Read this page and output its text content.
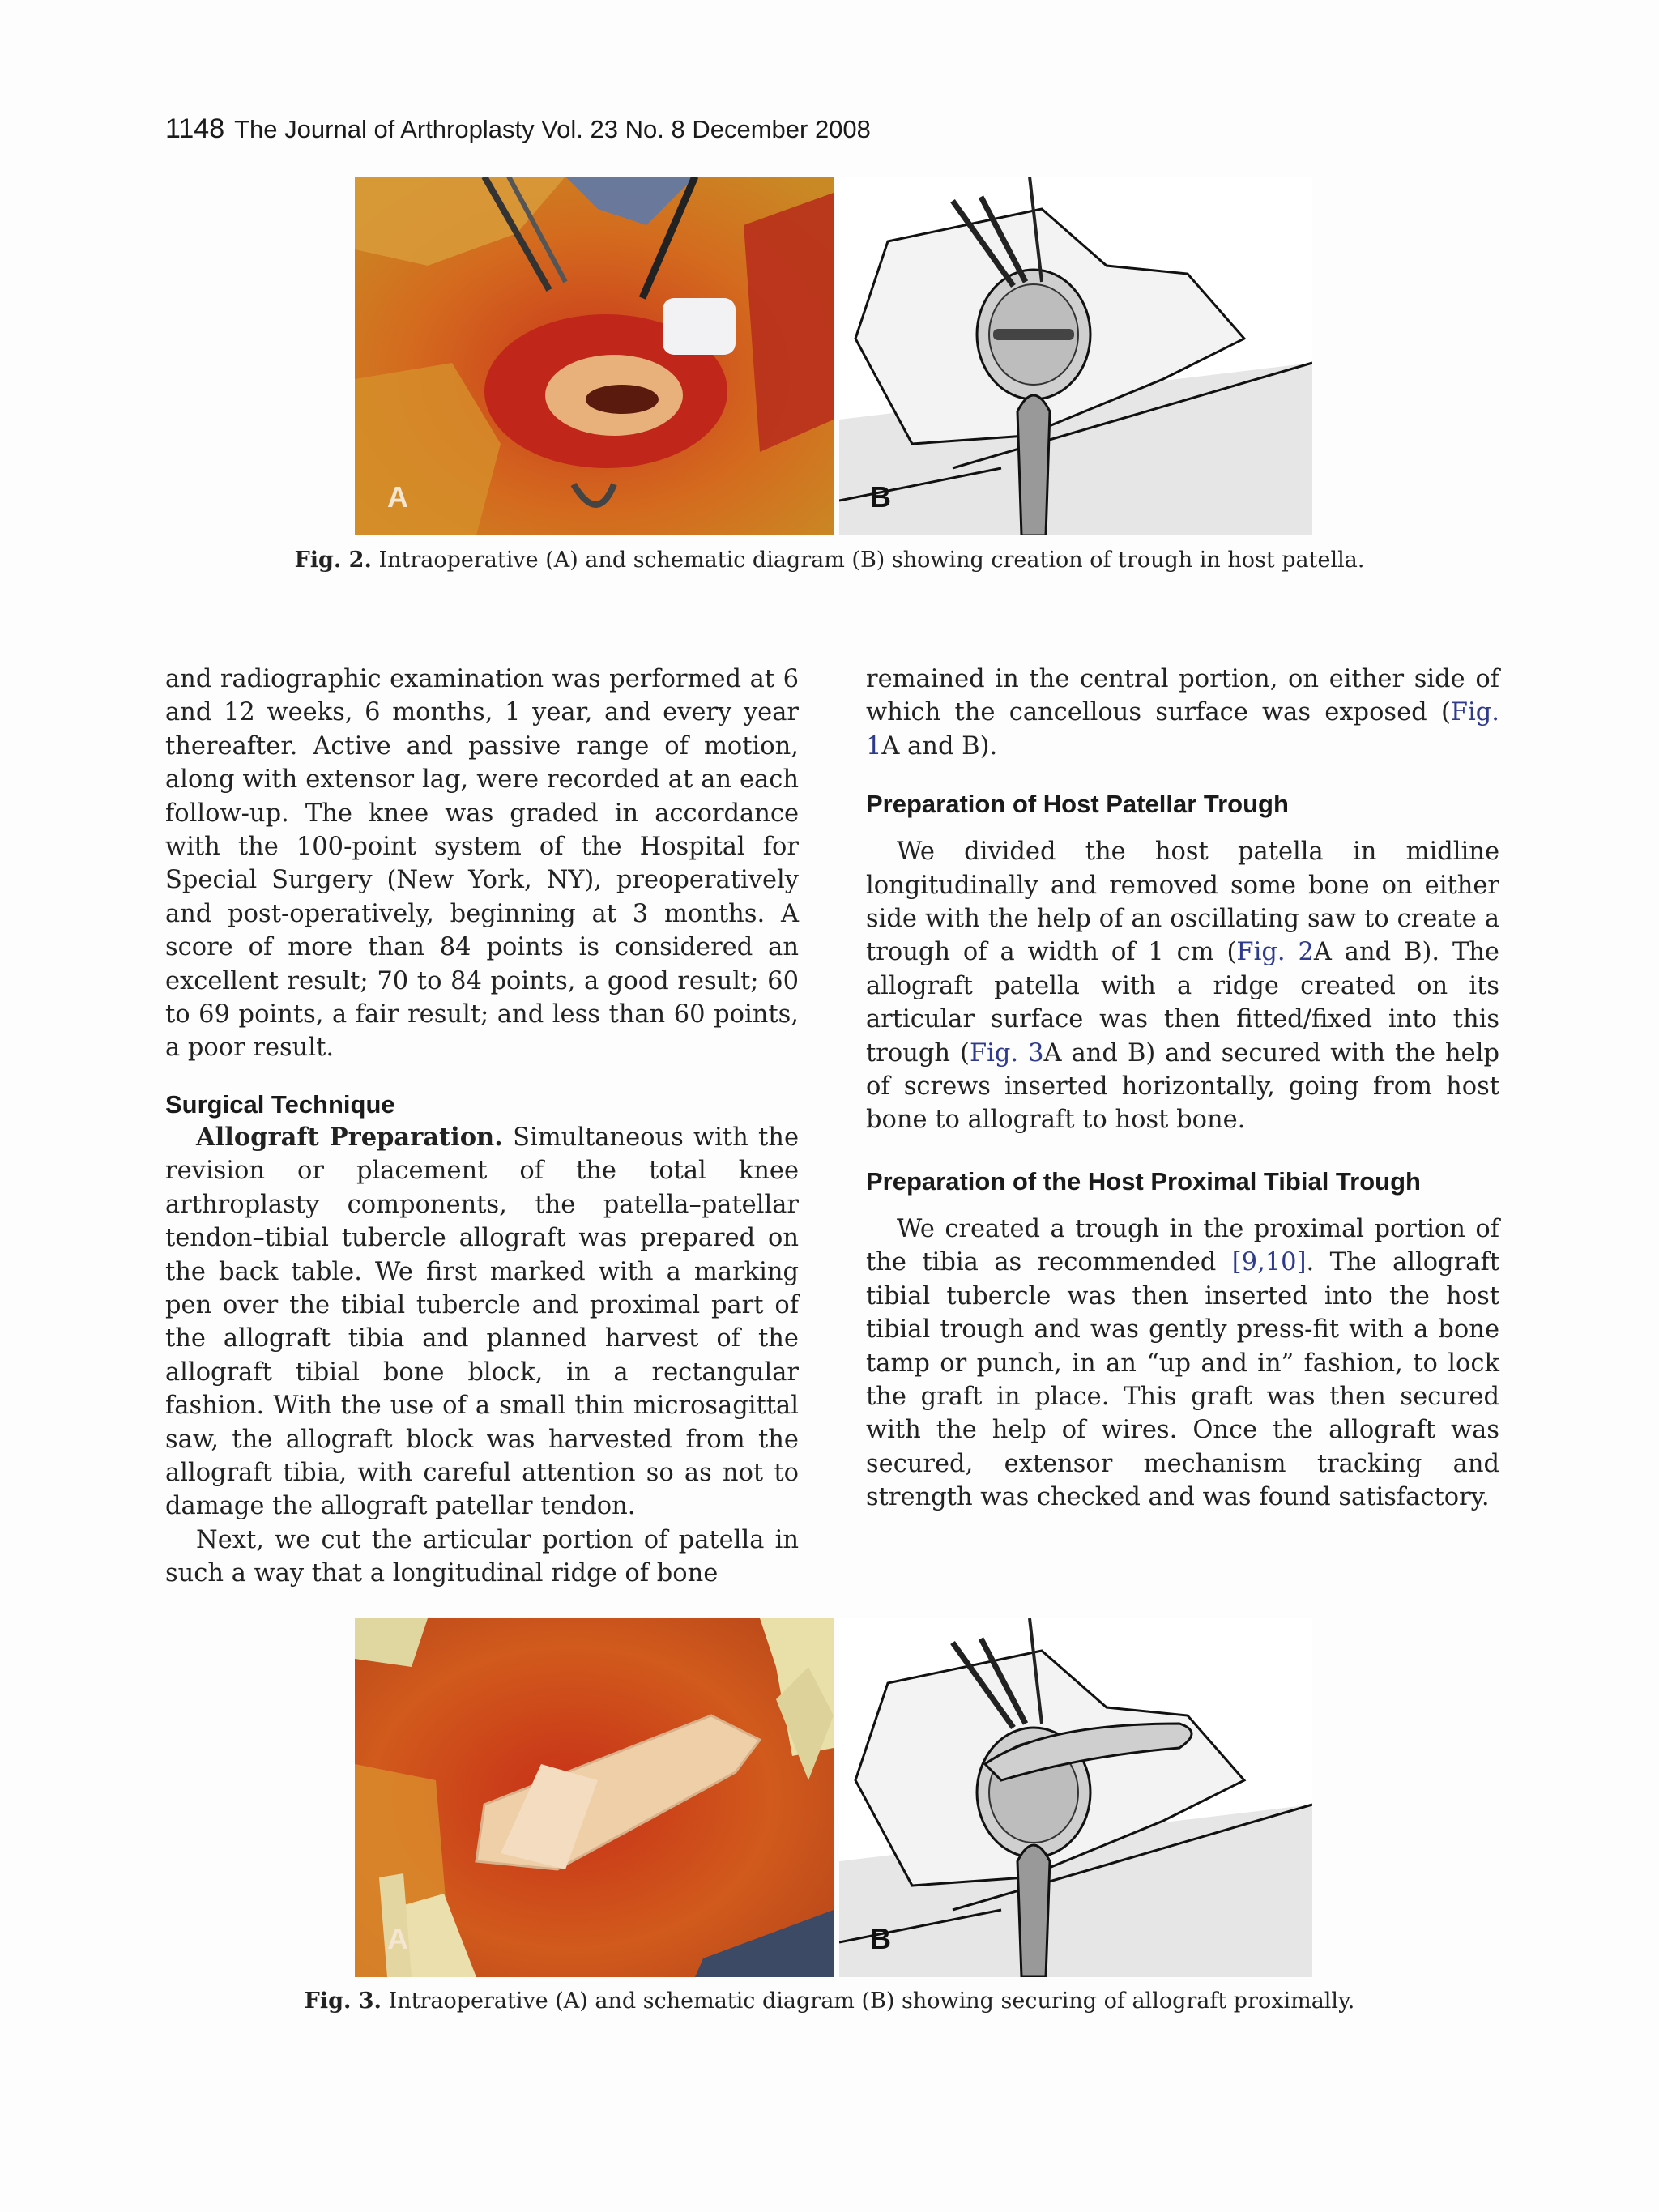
1148 The Journal of Arthroplasty Vol. 23 No. 8 December 2008
A	B
Fig. 2. Intraoperative (A) and schematic diagram (B) showing creation of trough in host patella.

and radiographic examination was performed at 6 and 12 weeks, 6 months, 1 year, and every year thereafter. Active and passive range of motion, along with extensor lag, were recorded at an each follow-up. The knee was graded in accordance with the 100-point system of the Hospital for Special Surgery (New York, NY), preoperatively and post-operatively, beginning at 3 months. A score of more than 84 points is considered an excellent result; 70 to 84 points, a good result; 60 to 69 points, a fair result; and less than 60 points, a poor result.

Surgical Technique

Allograft Preparation. Simultaneous with the revision or placement of the total knee arthroplasty components, the patella–patellar tendon–tibial tubercle allograft was prepared on the back table. We first marked with a marking pen over the tibial tubercle and proximal part of the allograft tibia and planned harvest of the allograft tibial bone block, in a rectangular fashion. With the use of a small thin microsagittal saw, the allograft block was harvested from the allograft tibia, with careful attention so as not to damage the allograft patellar tendon.

Next, we cut the articular portion of patella in such a way that a longitudinal ridge of bone

remained in the central portion, on either side of which the cancellous surface was exposed (Fig. 1A and B).

Preparation of Host Patellar Trough

We divided the host patella in midline longitudinally and removed some bone on either side with the help of an oscillating saw to create a trough of a width of 1 cm (Fig. 2A and B). The allograft patella with a ridge created on its articular surface was then fitted/fixed into this trough (Fig. 3A and B) and secured with the help of screws inserted horizontally, going from host bone to allograft to host bone.

Preparation of the Host Proximal Tibial Trough

We created a trough in the proximal portion of the tibia as recommended [9,10]. The allograft tibial tubercle was then inserted into the host tibial trough and was gently press-fit with a bone tamp or punch, in an “up and in” fashion, to lock the graft in place. This graft was then secured with the help of wires. Once the allograft was secured, extensor mechanism tracking and strength was checked and was found satisfactory.

A	B
Fig. 3. Intraoperative (A) and schematic diagram (B) showing securing of allograft proximally.
